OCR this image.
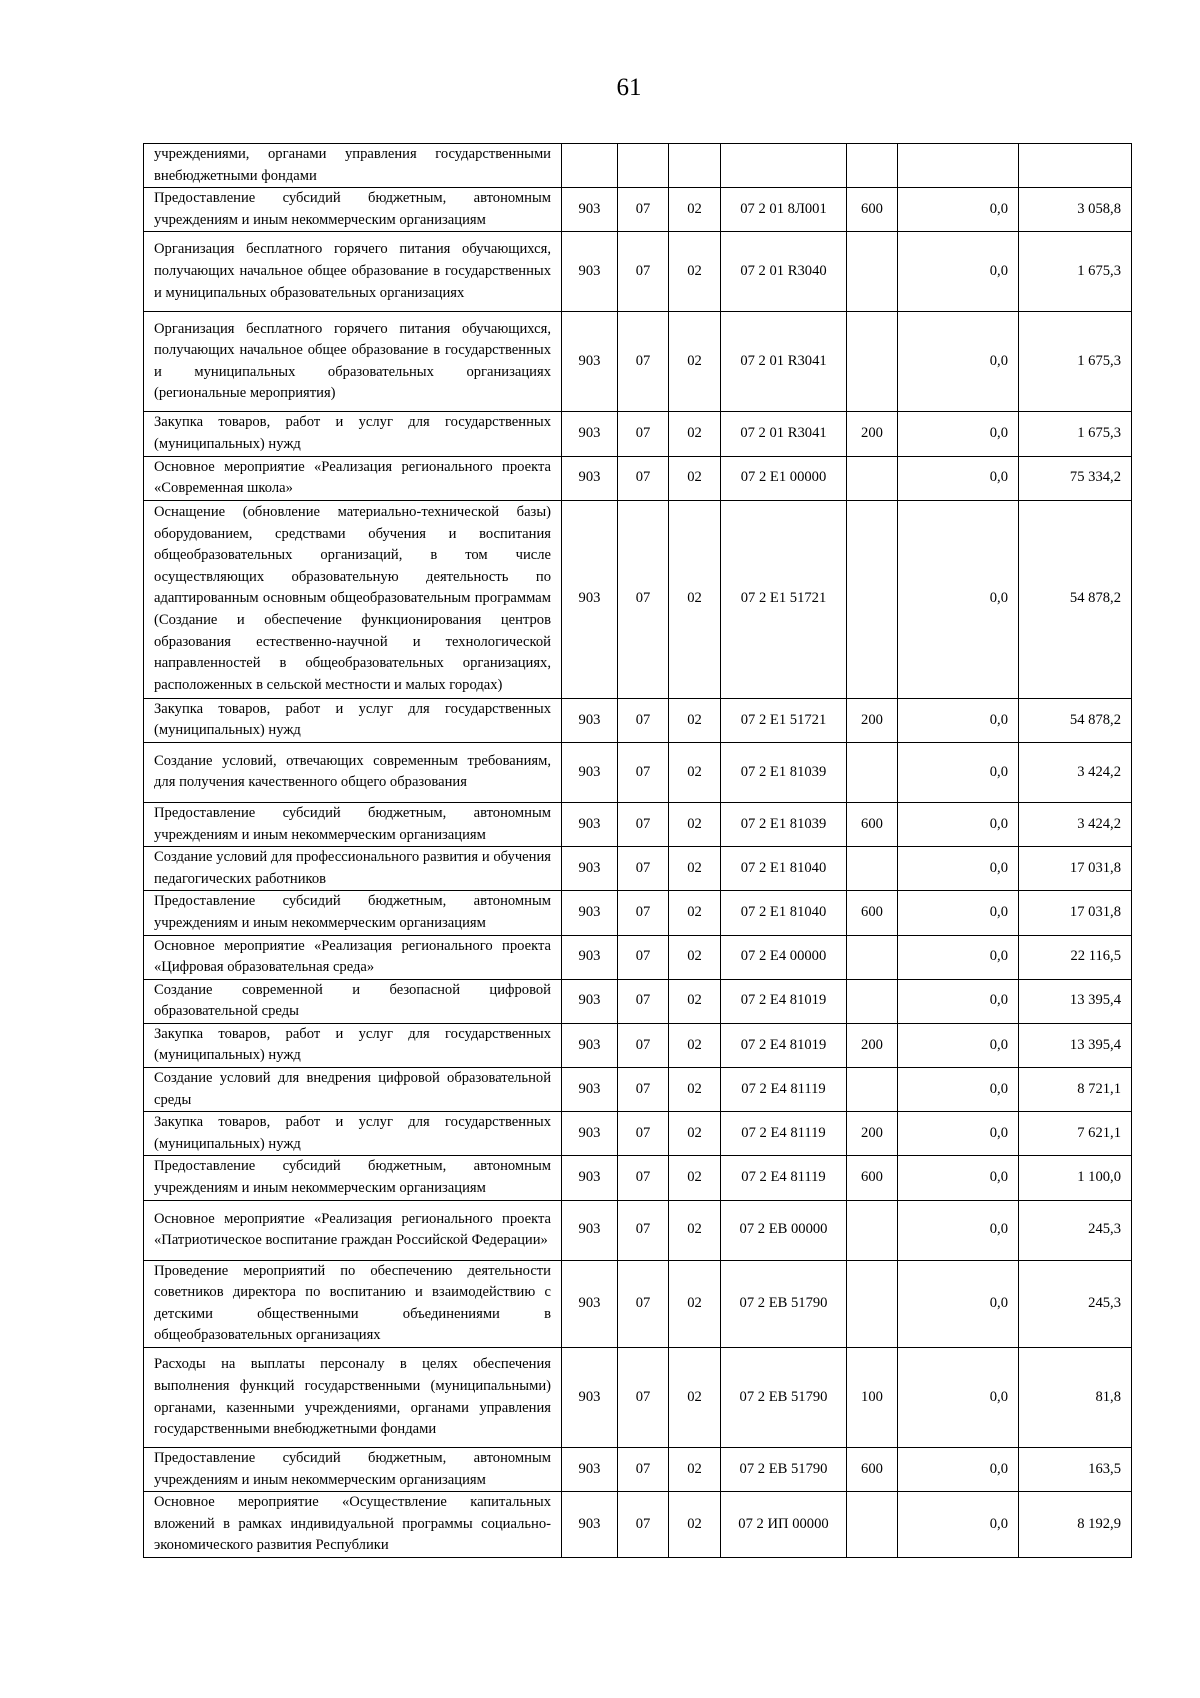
61
учреждениями, органами управления государственными внебюджетными фондами							
Предоставление субсидий бюджетным, автономным учреждениям и иным некоммерческим организациям	903	07	02	07 2 01 8Л001	600	0,0	3 058,8
Организация бесплатного горячего питания обучающихся, получающих начальное общее образование в государственных и муниципальных образовательных организациях	903	07	02	07 2 01 R3040		0,0	1 675,3
Организация бесплатного горячего питания обучающихся, получающих начальное общее образование в государственных и муниципальных образовательных организациях (региональные мероприятия)	903	07	02	07 2 01 R3041		0,0	1 675,3
Закупка товаров, работ и услуг для государственных (муниципальных) нужд	903	07	02	07 2 01 R3041	200	0,0	1 675,3
Основное мероприятие «Реализация регионального проекта «Современная школа»	903	07	02	07 2 E1 00000		0,0	75 334,2
Оснащение (обновление материально-технической базы) оборудованием, средствами обучения и воспитания общеобразовательных организаций, в том числе осуществляющих образовательную деятельность по адаптированным основным общеобразовательным программам (Создание и обеспечение функционирования центров образования естественно-научной и технологической направленностей в общеобразовательных организациях, расположенных в сельской местности и малых городах)	903	07	02	07 2 E1 51721		0,0	54 878,2
Закупка товаров, работ и услуг для государственных (муниципальных) нужд	903	07	02	07 2 E1 51721	200	0,0	54 878,2
Создание условий, отвечающих современным требованиям, для получения качественного общего образования	903	07	02	07 2 E1 81039		0,0	3 424,2
Предоставление субсидий бюджетным, автономным учреждениям и иным некоммерческим организациям	903	07	02	07 2 E1 81039	600	0,0	3 424,2
Создание условий для профессионального развития и обучения педагогических работников	903	07	02	07 2 E1 81040		0,0	17 031,8
Предоставление субсидий бюджетным, автономным учреждениям и иным некоммерческим организациям	903	07	02	07 2 E1 81040	600	0,0	17 031,8
Основное мероприятие «Реализация регионального проекта «Цифровая образовательная среда»	903	07	02	07 2 E4 00000		0,0	22 116,5
Создание современной и безопасной цифровой образовательной среды	903	07	02	07 2 E4 81019		0,0	13 395,4
Закупка товаров, работ и услуг для государственных (муниципальных) нужд	903	07	02	07 2 E4 81019	200	0,0	13 395,4
Создание условий для внедрения цифровой образовательной среды	903	07	02	07 2 E4 81119		0,0	8 721,1
Закупка товаров, работ и услуг для государственных (муниципальных) нужд	903	07	02	07 2 E4 81119	200	0,0	7 621,1
Предоставление субсидий бюджетным, автономным учреждениям и иным некоммерческим организациям	903	07	02	07 2 E4 81119	600	0,0	1 100,0
Основное мероприятие «Реализация регионального проекта «Патриотическое воспитание граждан Российской Федерации»	903	07	02	07 2 EB 00000		0,0	245,3
Проведение мероприятий по обеспечению деятельности советников директора по воспитанию и взаимодействию с детскими общественными объединениями в общеобразовательных организациях	903	07	02	07 2 EB 51790		0,0	245,3
Расходы на выплаты персоналу в целях обеспечения выполнения функций государственными (муниципальными) органами, казенными учреждениями, органами управления государственными внебюджетными фондами	903	07	02	07 2 EB 51790	100	0,0	81,8
Предоставление субсидий бюджетным, автономным учреждениям и иным некоммерческим организациям	903	07	02	07 2 EB 51790	600	0,0	163,5
Основное мероприятие «Осуществление капитальных вложений в рамках индивидуальной программы социально-экономического развития Республики	903	07	02	07 2 ИП 00000		0,0	8 192,9
